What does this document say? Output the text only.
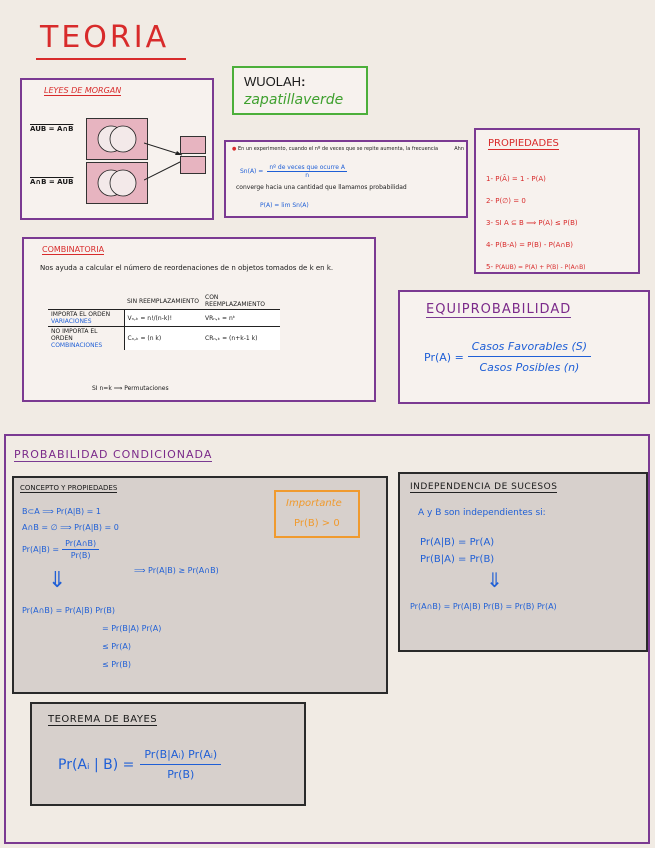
TEORIA
LEYES DE MORGAN
AUB = A∩B
A∩B = AUB
WUOLAH:
zapatillaverde
● En un experimento, cuando el nº de veces que se repite aumenta, la frecuencia	Ahn
Sn(A) =
nº de veces que ocurre A
n
converge hacia una cantidad que llamamos probabilidad
P(A) = lim Sn(A)
PROPIEDADES
1- P(Ā) = 1 - P(A)
2- P(∅) = 0
3- SI A ⊆ B ⟹ P(A) ≤ P(B)
4- P(B-A) = P(B) - P(A∩B)
5- P(AUB) = P(A) + P(B) - P(A∩B)
COMBINATORIA
Nos ayuda a calcular el número de reordenaciones de n objetos tomados de k en k.
	SIN REEMPLAZAMIENTO	CON REEMPLAZAMIENTO
IMPORTA EL ORDEN
VARIACIONES	Vₙ,ₖ = n!/(n-k)!	VRₙ,ₖ = nᵏ
NO IMPORTA EL ORDEN
COMBINACIONES	Cₙ,ₖ = (n k)	CRₙ,ₖ = (n+k-1 k)
SI n=k ⟹ Permutaciones
EQUIPROBABILIDAD
Pr(A) =
Casos Favorables (S)
Casos Posibles (n)
PROBABILIDAD CONDICIONADA
CONCEPTO Y PROPIEDADES
B⊂A ⟹ Pr(A|B) = 1
A∩B = ∅ ⟹ Pr(A|B) = 0
$Pr(A|B) = \frac{Pr(A\cap B)}{Pr(B)}$
⟹ Pr(A|B) ≥ Pr(A∩B)
⇓
Pr(A∩B) = Pr(A|B) Pr(B)
= Pr(B|A) Pr(A)
≤ Pr(A)
≤ Pr(B)
Importante
Pr(B) > 0
INDEPENDENCIA DE SUCESOS
A y B son independientes si:
Pr(A|B) = Pr(A)
Pr(B|A) = Pr(B)
⇓
Pr(A∩B) = Pr(A|B) Pr(B) = Pr(B) Pr(A)
TEOREMA DE BAYES
Pr(Aᵢ | $B) = \frac{\text{Pr(B|Aᵢ) Pr(Aᵢ)}}{Pr(B)}$
